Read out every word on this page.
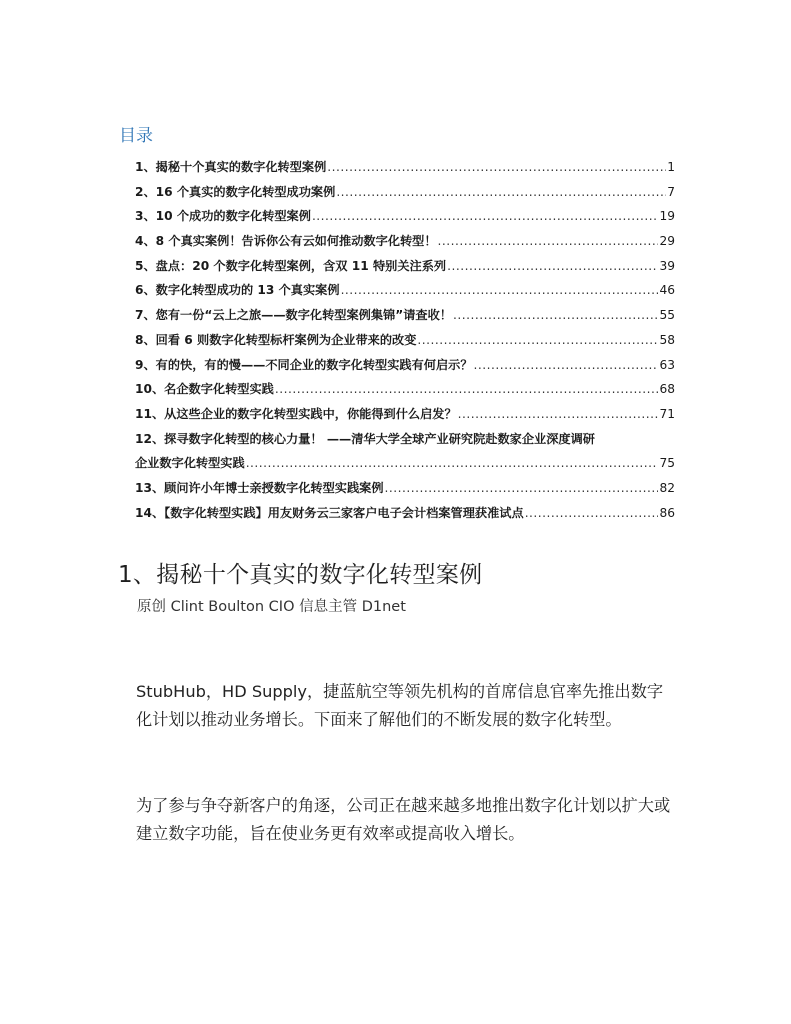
目录
1、揭秘十个真实的数字化转型案例 .....	1
2、16 个真实的数字化转型成功案例 .....	7
3、10 个成功的数字化转型案例 .....	19
4、8 个真实案例！告诉你公有云如何推动数字化转型！ .....	29
5、盘点：20 个数字化转型案例，含双 11 特别关注系列 .....	39
6、数字化转型成功的 13 个真实案例 .....	46
7、您有一份“云上之旅——数字化转型案例集锦”请查收！ .....	55
8、回看 6 则数字化转型标杆案例为企业带来的改变 .....	58
9、有的快，有的慢——不同企业的数字化转型实践有何启示？ .....	63
10、名企数字化转型实践 .....	68
11、从这些企业的数字化转型实践中，你能得到什么启发？ .....	71
12、探寻数字化转型的核心力量！ ——清华大学全球产业研究院赴数家企业深度调研
企业数字化转型实践 .....	75
13、顾问许小年博士亲授数字化转型实践案例 .....	82
14、【数字化转型实践】用友财务云三家客户电子会计档案管理获准试点 .....	86
1、揭秘十个真实的数字化转型案例

原创 Clint Boulton CIO 信息主管 D1net

StubHub，HD Supply，捷蓝航空等领先机构的首席信息官率先推出数字化计划以推动业务增长。下面来了解他们的不断发展的数字化转型。

为了参与争夺新客户的角逐，公司正在越来越多地推出数字化计划以扩大或建立数字功能，旨在使业务更有效率或提高收入增长。
